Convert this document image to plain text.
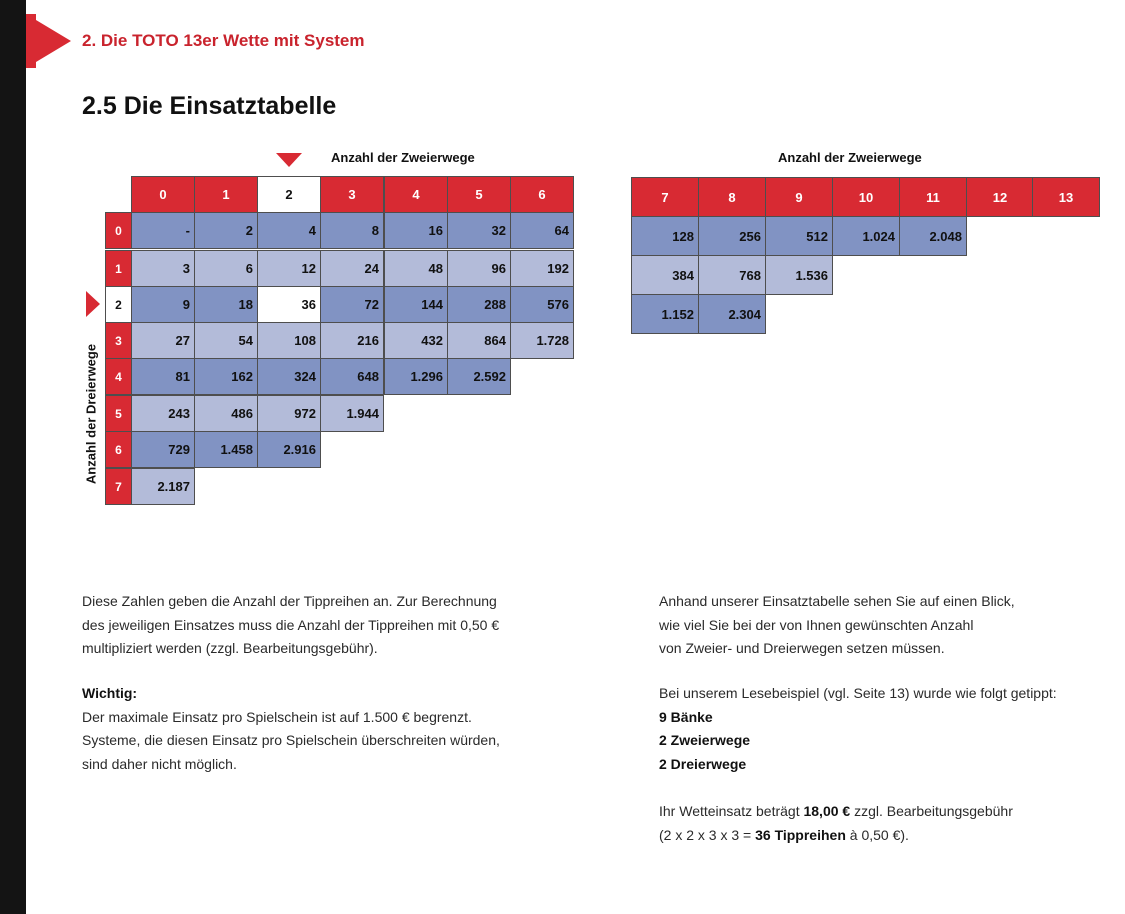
2. Die TOTO 13er Wette mit System
2.5 Die Einsatztabelle
Anzahl der Zweierwege
Anzahl der Dreierwege
0	1	2	3	4	5	6
0	-	2	4	8	16	32	64
1	3	6	12	24	48	96	192
2	9	18	36	72	144	288	576
3	27	54	108	216	432	864	1.728
4	81	162	324	648	1.296	2.592
5	243	486	972	1.944
6	729	1.458	2.916
7	2.187
Anzahl der Zweierwege
7	8	9	10	11	12	13
128	256	512	1.024	2.048
384	768	1.536
1.152	2.304
Diese Zahlen geben die Anzahl der Tippreihen an. Zur Berechnung
des jeweiligen Einsatzes muss die Anzahl der Tippreihen mit 0,50 €
multipliziert werden (zzgl. Bearbeitungsgebühr).
Wichtig:
Der maximale Einsatz pro Spielschein ist auf 1.500 € begrenzt.
Systeme, die diesen Einsatz pro Spielschein überschreiten würden,
sind daher nicht möglich.
Anhand unserer Einsatztabelle sehen Sie auf einen Blick,
wie viel Sie bei der von Ihnen gewünschten Anzahl
von Zweier- und Dreierwegen setzen müssen.
Bei unserem Lesebeispiel (vgl. Seite 13) wurde wie folgt getippt:
9 Bänke
2 Zweierwege
2 Dreierwege
Ihr Wetteinsatz beträgt 18,00 € zzgl. Bearbeitungsgebühr
(2 x 2 x 3 x 3 = 36 Tippreihen à 0,50 €).
